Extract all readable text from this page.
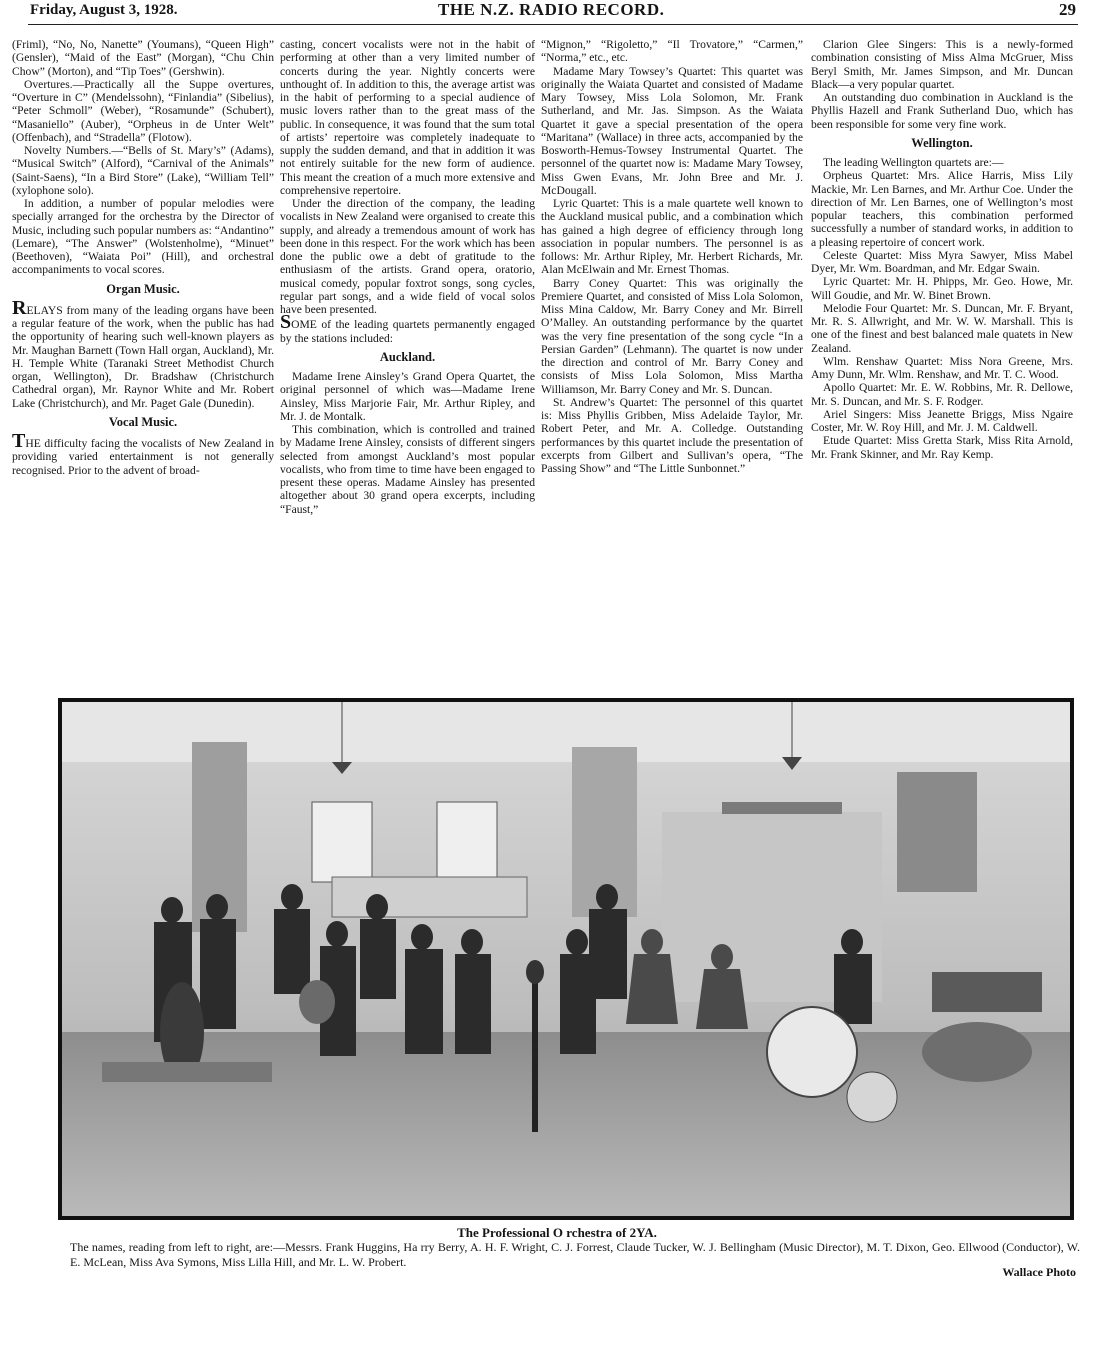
Friday, August 3, 1928.	THE N.Z. RADIO RECORD.	29

(Friml), “No, No, Nanette” (Youmans), “Queen High” (Gensler), “Maid of the East” (Morgan), “Chu Chin Chow” (Morton), and “Tip Toes” (Gershwin).

Overtures.—Practically all the Suppe overtures, “Overture in C” (Mendelssohn), “Finlandia” (Sibelius), “Peter Schmoll” (Weber), “Rosamunde” (Schubert), “Masaniello” (Auber), “Orpheus in de Unter Welt” (Offenbach), and “Stradella” (Flotow).

Novelty Numbers.—“Bells of St. Mary’s” (Adams), “Musical Switch” (Alford), “Carnival of the Animals” (Saint-Saens), “In a Bird Store” (Lake), “William Tell” (xylophone solo).

In addition, a number of popular melodies were specially arranged for the orchestra by the Director of Music, including such popular numbers as: “Andantino” (Lemare), “The Answer” (Wolstenholme), “Minuet” (Beethoven), “Waiata Poi” (Hill), and orchestral accompaniments to vocal scores.

Organ Music.

RELAYS from many of the leading organs have been a regular feature of the work, when the public has had the opportunity of hearing such well-known players as Mr. Maughan Barnett (Town Hall organ, Auckland), Mr. H. Temple White (Taranaki Street Methodist Church organ, Wellington), Dr. Bradshaw (Christchurch Cathedral organ), Mr. Raynor White and Mr. Robert Lake (Christchurch), and Mr. Paget Gale (Dunedin).

Vocal Music.

THE difficulty facing the vocalists of New Zealand in providing varied entertainment is not generally recognised. Prior to the advent of broad-

casting, concert vocalists were not in the habit of performing at other than a very limited number of concerts during the year. Nightly concerts were unthought of. In addition to this, the average artist was in the habit of performing to a special audience of music lovers rather than to the great mass of the public. In consequence, it was found that the sum total of artists’ repertoire was completely inadequate to supply the sudden demand, and that in addition it was not entirely suitable for the new form of audience. This meant the creation of a much more extensive and comprehensive repertoire.

Under the direction of the company, the leading vocalists in New Zealand were organised to create this supply, and already a tremendous amount of work has been done in this respect. For the work which has been done the public owe a debt of gratitude to the enthusiasm of the artists. Grand opera, oratorio, musical comedy, popular foxtrot songs, song cycles, regular part songs, and a wide field of vocal solos have been presented.

SOME of the leading quartets permanently engaged by the stations included:

Auckland.

Madame Irene Ainsley’s Grand Opera Quartet, the original personnel of which was—Madame Irene Ainsley, Miss Marjorie Fair, Mr. Arthur Ripley, and Mr. J. de Montalk.

This combination, which is controlled and trained by Madame Irene Ainsley, consists of different singers selected from amongst Auckland’s most popular vocalists, who from time to time have been engaged to present these operas. Madame Ainsley has presented altogether about 30 grand opera excerpts, including “Faust,”

“Mignon,” “Rigoletto,” “Il Trovatore,” “Carmen,” “Norma,” etc., etc.

Madame Mary Towsey’s Quartet: This quartet was originally the Waiata Quartet and consisted of Madame Mary Towsey, Miss Lola Solomon, Mr. Frank Sutherland, and Mr. Jas. Simpson. As the Waiata Quartet it gave a special presentation of the opera “Maritana” (Wallace) in three acts, accompanied by the Bosworth-Hemus-Towsey Instrumental Quartet. The personnel of the quartet now is: Madame Mary Towsey, Miss Gwen Evans, Mr. John Bree and Mr. J. McDougall.

Lyric Quartet: This is a male quartete well known to the Auckland musical public, and a combination which has gained a high degree of efficiency through long association in popular numbers. The personnel is as follows: Mr. Arthur Ripley, Mr. Herbert Richards, Mr. Alan McElwain and Mr. Ernest Thomas.

Barry Coney Quartet: This was originally the Premiere Quartet, and consisted of Miss Lola Solomon, Miss Mina Caldow, Mr. Barry Coney and Mr. Birrell O’Malley. An outstanding performance by the quartet was the very fine presentation of the song cycle “In a Persian Garden” (Lehmann). The quartet is now under the direction and control of Mr. Barry Coney and consists of Miss Lola Solomon, Miss Martha Williamson, Mr. Barry Coney and Mr. S. Duncan.

St. Andrew’s Quartet: The personnel of this quartet is: Miss Phyllis Gribben, Miss Adelaide Taylor, Mr. Robert Peter, and Mr. A. Colledge. Outstanding performances by this quartet include the presentation of excerpts from Gilbert and Sullivan’s opera, “The Passing Show” and “The Little Sunbonnet.”

Clarion Glee Singers: This is a newly-formed combination consisting of Miss Alma McGruer, Miss Beryl Smith, Mr. James Simpson, and Mr. Duncan Black—a very popular quartet.

An outstanding duo combination in Auckland is the Phyllis Hazell and Frank Sutherland Duo, which has been responsible for some very fine work.

Wellington.

The leading Wellington quartets are:—

Orpheus Quartet: Mrs. Alice Harris, Miss Lily Mackie, Mr. Len Barnes, and Mr. Arthur Coe. Under the direction of Mr. Len Barnes, one of Wellington’s most popular teachers, this combination performed successfully a number of standard works, in addition to a pleasing repertoire of concert work.

Celeste Quartet: Miss Myra Sawyer, Miss Mabel Dyer, Mr. Wm. Boardman, and Mr. Edgar Swain.

Lyric Quartet: Mr. H. Phipps, Mr. Geo. Howe, Mr. Will Goudie, and Mr. W. Binet Brown.

Melodie Four Quartet: Mr. S. Duncan, Mr. F. Bryant, Mr. R. S. Allwright, and Mr. W. W. Marshall. This is one of the finest and best balanced male quatets in New Zealand.

Wlm. Renshaw Quartet: Miss Nora Greene, Mrs. Amy Dunn, Mr. Wlm. Renshaw, and Mr. T. C. Wood.

Apollo Quartet: Mr. E. W. Robbins, Mr. R. Dellowe, Mr. S. Duncan, and Mr. S. F. Rodger.

Ariel Singers: Miss Jeanette Briggs, Miss Ngaire Coster, Mr. W. Roy Hill, and Mr. J. M. Caldwell.

Etude Quartet: Miss Gretta Stark, Miss Rita Arnold, Mr. Frank Skinner, and Mr. Ray Kemp.

The Professional O rchestra of 2YA.
The names, reading from left to right, are:—Messrs. Frank Huggins, Ha rry Berry, A. H. F. Wright, C. J. Forrest, Claude Tucker, W. J. Bellingham (Music Director), M. T. Dixon, Geo. Ellwood (Conductor), W. E. McLean, Miss Ava Symons, Miss Lilla Hill, and Mr. L. W. Probert.
Wallace Photo
